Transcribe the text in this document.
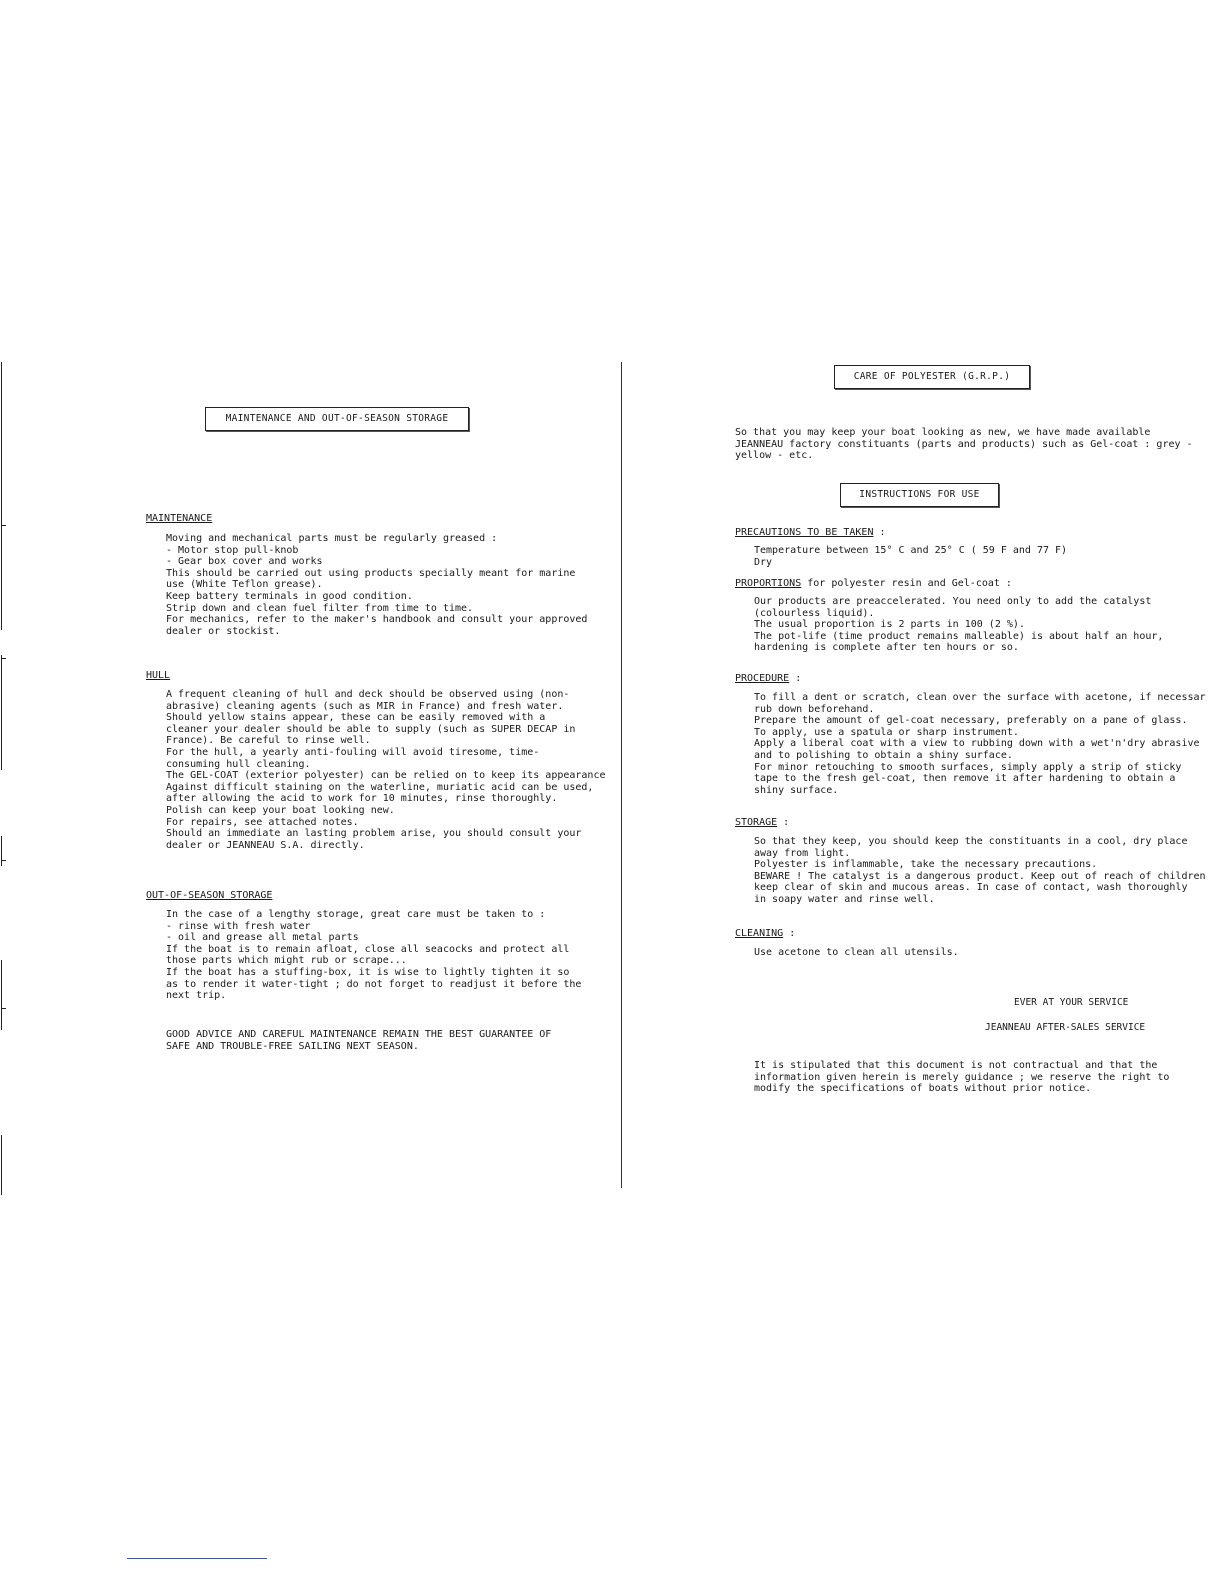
MAINTENANCE AND OUT-OF-SEASON STORAGE
MAINTENANCE
Moving and mechanical parts must be regularly greased :
- Motor stop pull-knob
- Gear box cover and works
This should be carried out using products specially meant for marine
use (White Teflon grease).
Keep battery terminals in good condition.
Strip down and clean fuel filter from time to time.
For mechanics, refer to the maker's handbook and consult your approved
dealer or stockist.
HULL
A frequent cleaning of hull and deck should be observed using (non-
abrasive) cleaning agents (such as MIR in France) and fresh water.
Should yellow stains appear, these can be easily removed with a
cleaner your dealer should be able to supply (such as SUPER DECAP in
France). Be careful to rinse well.
For the hull, a yearly anti-fouling will avoid tiresome, time-
consuming hull cleaning.
The GEL-COAT (exterior polyester) can be relied on to keep its appearance
Against difficult staining on the waterline, muriatic acid can be used,
after allowing the acid to work for 10 minutes, rinse thoroughly.
Polish can keep your boat looking new.
For repairs, see attached notes.
Should an immediate an lasting problem arise, you should consult your
dealer or JEANNEAU S.A. directly.
OUT-OF-SEASON STORAGE
In the case of a lengthy storage, great care must be taken to :
- rinse with fresh water
- oil and grease all metal parts
If the boat is to remain afloat, close all seacocks and protect all
those parts which might rub or scrape...
If the boat has a stuffing-box, it is wise to lightly tighten it so
as to render it water-tight ; do not forget to readjust it before the
next trip.
GOOD ADVICE AND CAREFUL MAINTENANCE REMAIN THE BEST GUARANTEE OF
SAFE AND TROUBLE-FREE SAILING NEXT SEASON.
CARE OF POLYESTER (G.R.P.)
So that you may keep your boat looking as new, we have made available
JEANNEAU factory constituants (parts and products) such as Gel-coat : grey -
yellow - etc.
INSTRUCTIONS FOR USE
PRECAUTIONS TO BE TAKEN :
Temperature between 15° C and 25° C ( 59 F and 77 F)
Dry
PROPORTIONS for polyester resin and Gel-coat :
Our products are preaccelerated. You need only to add the catalyst
(colourless liquid).
The usual proportion is 2 parts in 100 (2 %).
The pot-life (time product remains malleable) is about half an hour,
hardening is complete after ten hours or so.
PROCEDURE :
To fill a dent or scratch, clean over the surface with acetone, if necessar
rub down beforehand.
Prepare the amount of gel-coat necessary, preferably on a pane of glass.
To apply, use a spatula or sharp instrument.
Apply a liberal coat with a view to rubbing down with a wet'n'dry abrasive
and to polishing to obtain a shiny surface.
For minor retouching to smooth surfaces, simply apply a strip of sticky
tape to the fresh gel-coat, then remove it after hardening to obtain a
shiny surface.
STORAGE :
So that they keep, you should keep the constituants in a cool, dry place
away from light.
Polyester is inflammable, take the necessary precautions.
BEWARE ! The catalyst is a dangerous product. Keep out of reach of children
keep clear of skin and mucous areas. In case of contact, wash thoroughly
in soapy water and rinse well.
CLEANING :
Use acetone to clean all utensils.
EVER AT YOUR SERVICE
JEANNEAU AFTER-SALES SERVICE
It is stipulated that this document is not contractual and that the
information given herein is merely guidance ; we reserve the right to
modify the specifications of boats without prior notice.
